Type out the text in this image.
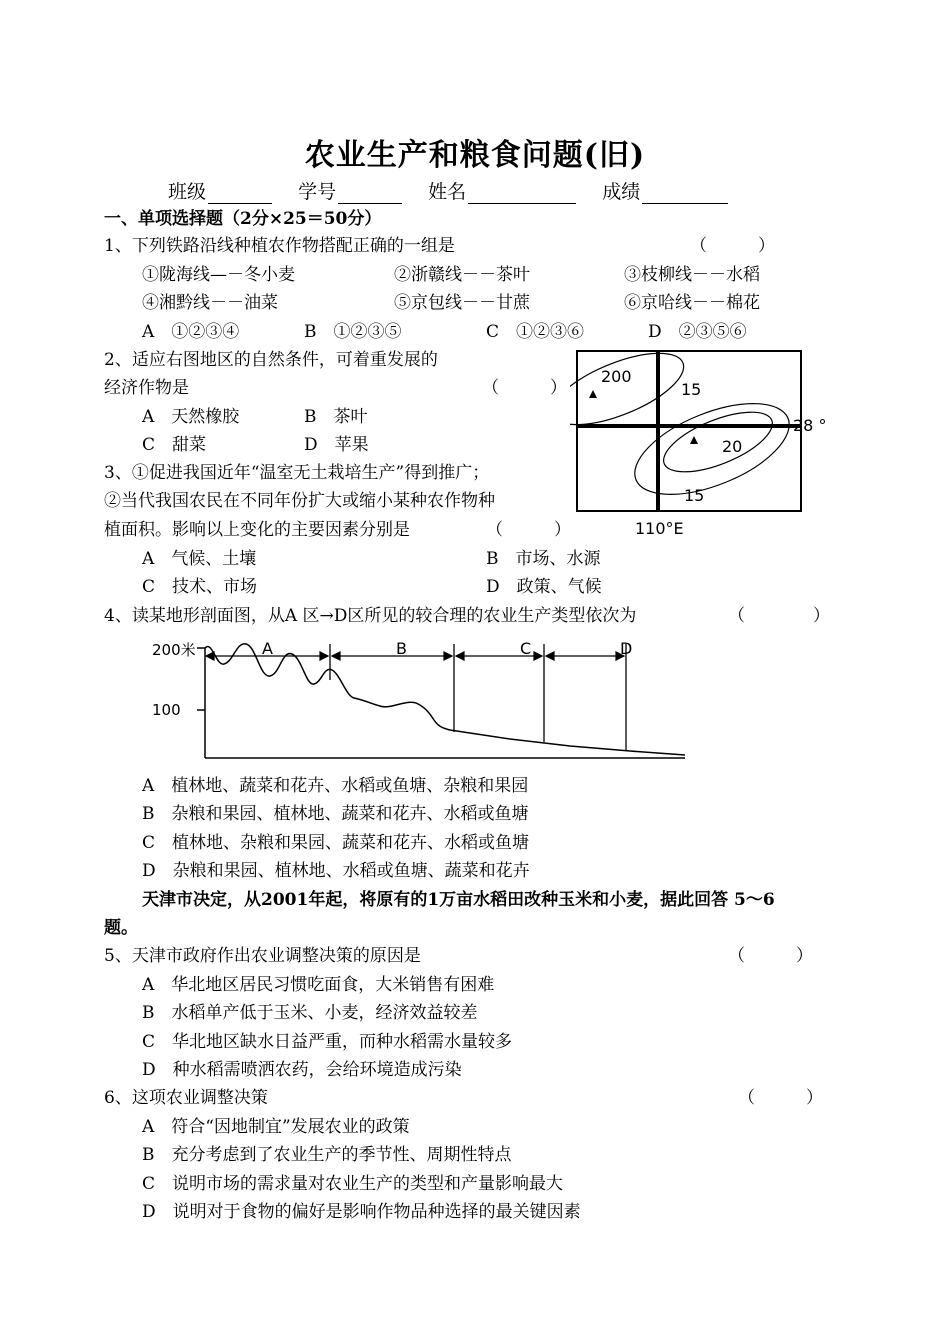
农业生产和粮食问题(旧)
班级	学号	姓名	成绩
一、单项选择题（2分×25＝50分）
1、下列铁路沿线种植农作物搭配正确的一组是	（　　　）
①陇海线—－冬小麦	②浙赣线－－茶叶	③枝柳线－－水稻
④湘黔线－－油菜	⑤京包线－－甘蔗	⑥京哈线－－棉花
A　①②③④	B　①②③⑤	C　①②③⑥	D　②③⑤⑥
2、适应右图地区的自然条件，可着重发展的
经济作物是	（　　　）
A　天然橡胶	B　茶叶
C　甜菜	D　苹果
200
15
20
15
28 °
110°E
3、①促进我国近年“温室无土栽培生产”得到推广；
②当代我国农民在不同年份扩大或缩小某种农作物种
植面积。影响以上变化的主要因素分别是	（　　　）
A　气候、土壤	B　市场、水源
C　技术、市场	D　政策、气候
4、读某地形剖面图，从A 区→D区所见的较合理的农业生产类型依次为	（　　　　）
200米
100
A	B	C	D
A　植林地、蔬菜和花卉、水稻或鱼塘、杂粮和果园
B　杂粮和果园、植林地、蔬菜和花卉、水稻或鱼塘
C　植林地、杂粮和果园、蔬菜和花卉、水稻或鱼塘
D　杂粮和果园、植林地、水稻或鱼塘、蔬菜和花卉
天津市决定，从2001年起，将原有的1万亩水稻田改种玉米和小麦，据此回答 5～6
题。
5、天津市政府作出农业调整决策的原因是	（　　　）
A　华北地区居民习惯吃面食，大米销售有困难
B　水稻单产低于玉米、小麦，经济效益较差
C　华北地区缺水日益严重，而种水稻需水量较多
D　种水稻需喷洒农药，会给环境造成污染
6、这项农业调整决策	（　　　）
A　符合“因地制宜”发展农业的政策
B　充分考虑到了农业生产的季节性、周期性特点
C　说明市场的需求量对农业生产的类型和产量影响最大
D　说明对于食物的偏好是影响作物品种选择的最关键因素
